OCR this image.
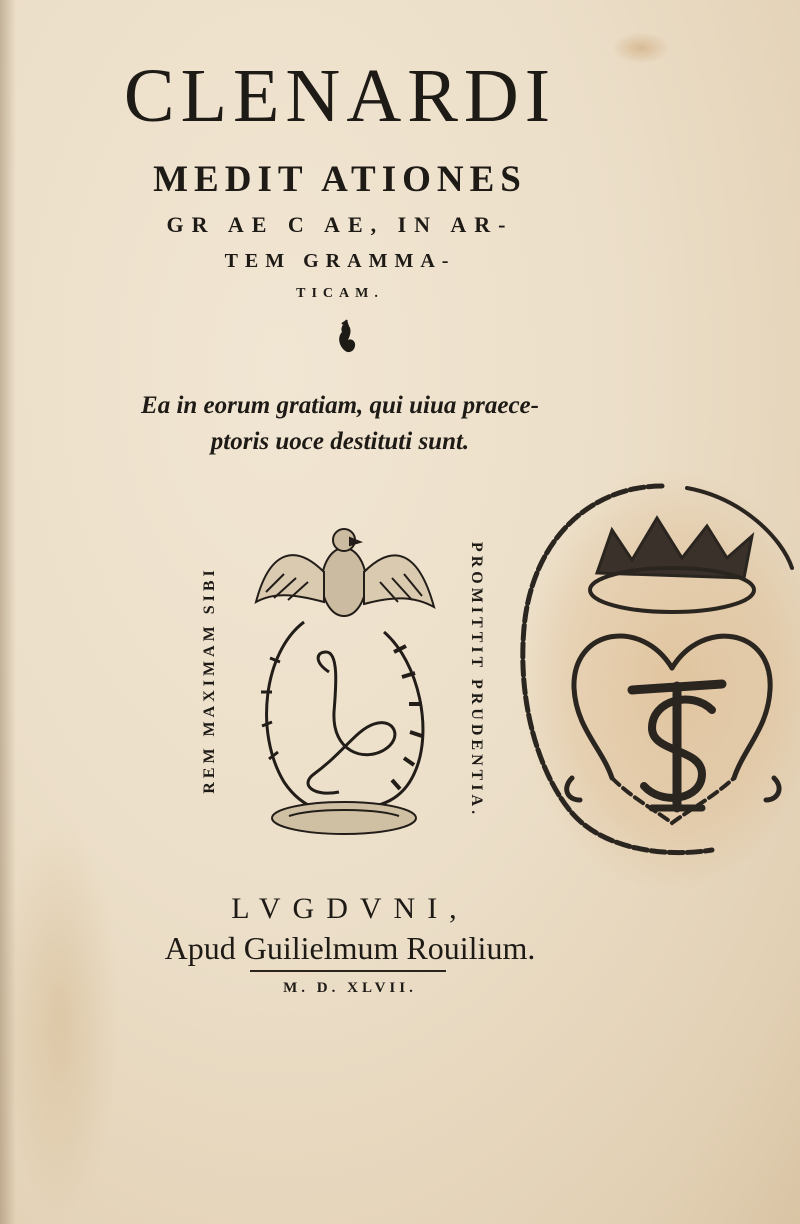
CLENARDI
MEDIT ATIONES
GR AE C AE, IN AR-
TEM GRAMMA-
TICAM.
Ea in eorum gratiam, qui uiua praece-
ptoris uoce destituti sunt.
REM MAXIMAM SIBI	PROMITTIT PRUDENTIA.
LVGDVNI,
Apud Guilielmum Rouilium.
M. D. XLVII.
